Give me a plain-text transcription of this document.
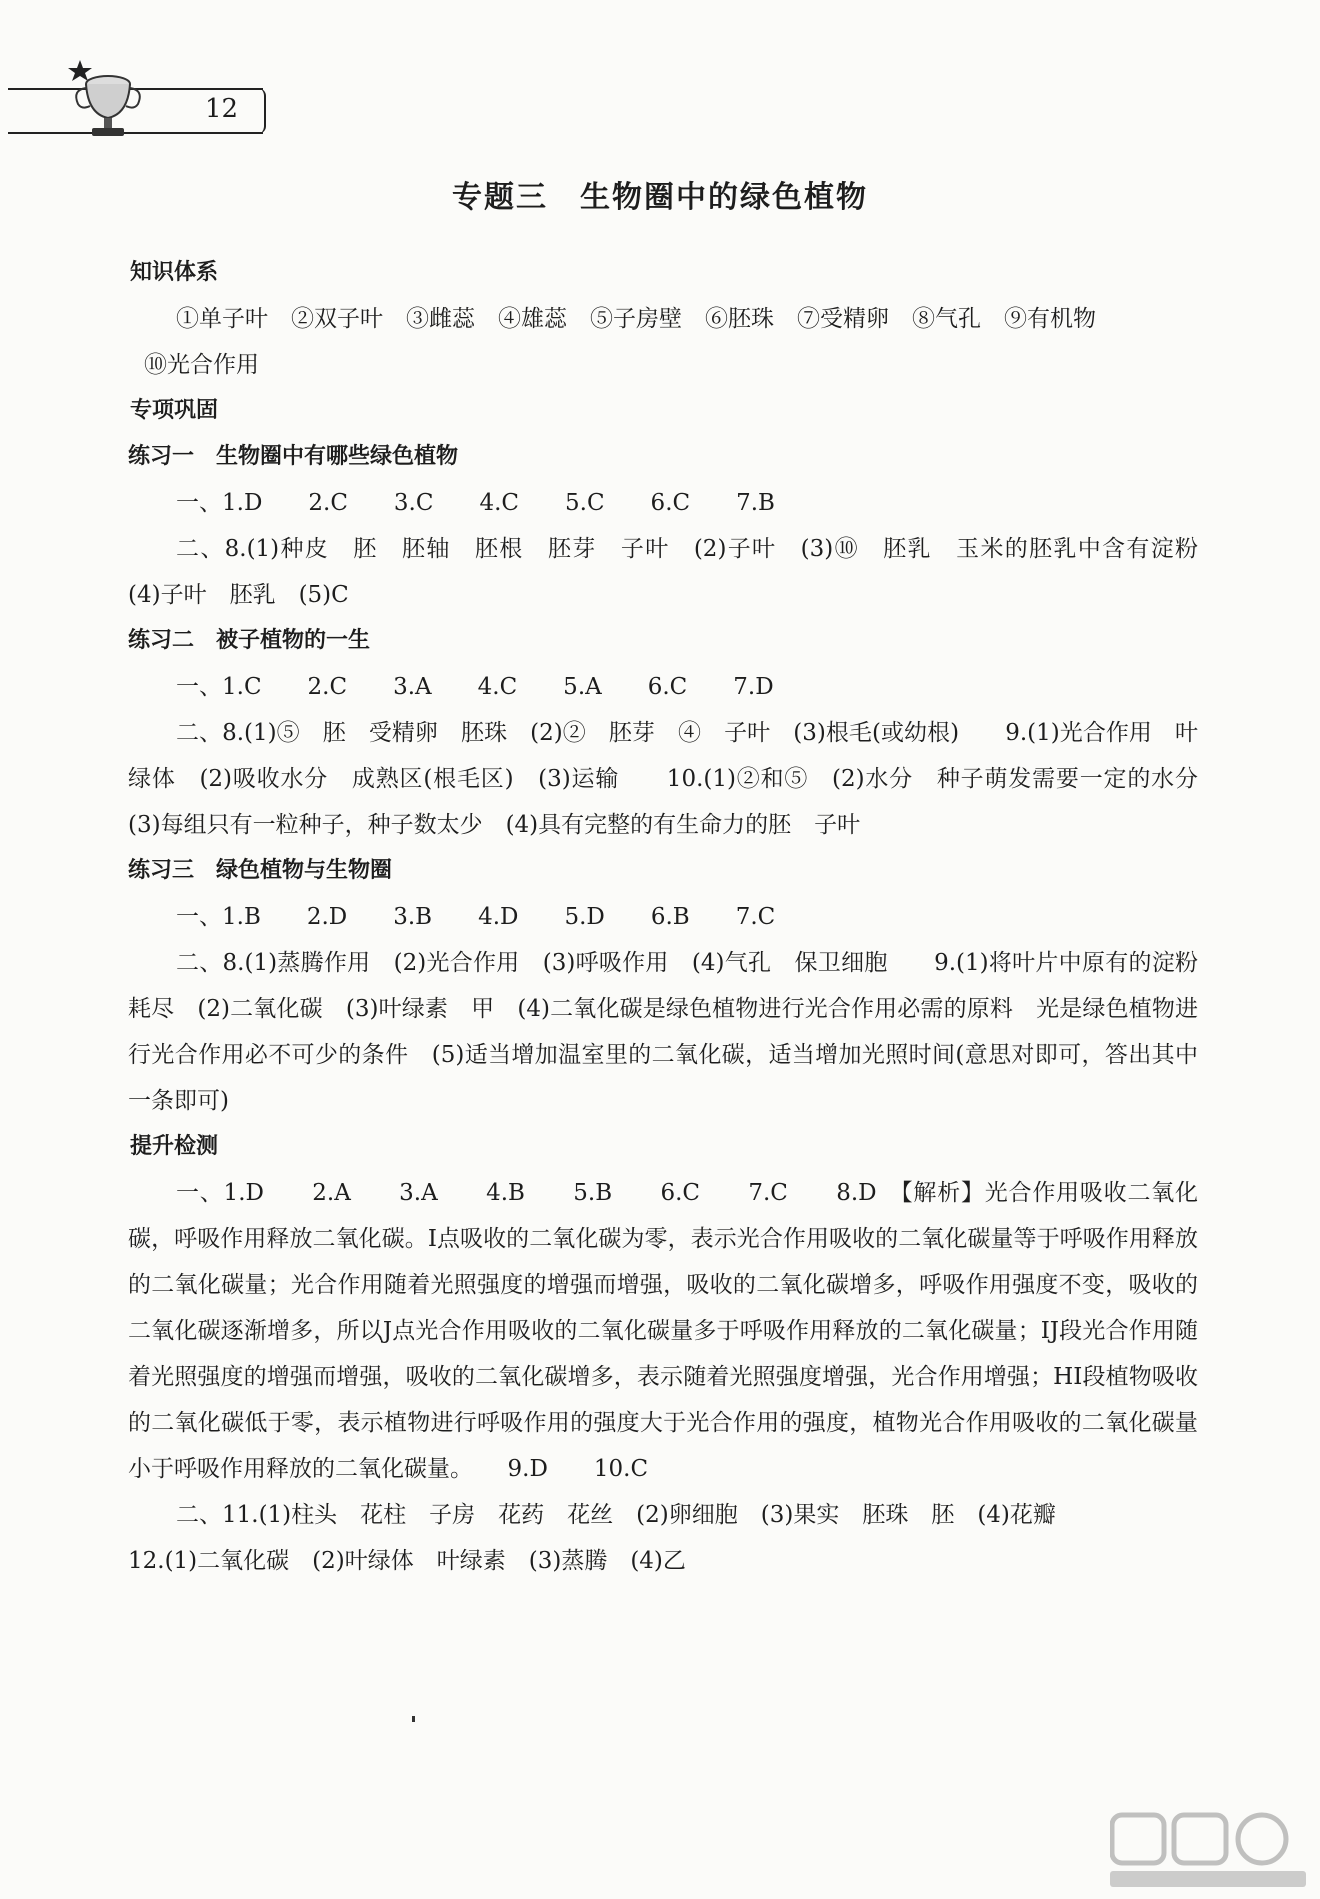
12
专题三　生物圈中的绿色植物
知识体系
①单子叶　②双子叶　③雌蕊　④雄蕊　⑤子房壁　⑥胚珠　⑦受精卵　⑧气孔　⑨有机物
⑩光合作用
专项巩固
练习一　生物圈中有哪些绿色植物
一、1.D　　2.C　　3.C　　4.C　　5.C　　6.C　　7.B
二、8.(1)种皮　胚　胚轴　胚根　胚芽　子叶　(2)子叶　(3)⑩　胚乳　玉米的胚乳中含有淀粉　(4)子叶　胚乳　(5)C
练习二　被子植物的一生
一、1.C　　2.C　　3.A　　4.C　　5.A　　6.C　　7.D
二、8.(1)⑤　胚　受精卵　胚珠　(2)②　胚芽　④　子叶　(3)根毛(或幼根)　　9.(1)光合作用　叶绿体　(2)吸收水分　成熟区(根毛区)　(3)运输　　10.(1)②和⑤　(2)水分　种子萌发需要一定的水分　(3)每组只有一粒种子，种子数太少　(4)具有完整的有生命力的胚　子叶
练习三　绿色植物与生物圈
一、1.B　　2.D　　3.B　　4.D　　5.D　　6.B　　7.C
二、8.(1)蒸腾作用　(2)光合作用　(3)呼吸作用　(4)气孔　保卫细胞　　9.(1)将叶片中原有的淀粉耗尽　(2)二氧化碳　(3)叶绿素　甲　(4)二氧化碳是绿色植物进行光合作用必需的原料　光是绿色植物进行光合作用必不可少的条件　(5)适当增加温室里的二氧化碳，适当增加光照时间(意思对即可，答出其中一条即可)
提升检测
一、1.D　　2.A　　3.A　　4.B　　5.B　　6.C　　7.C　　8.D　【解析】光合作用吸收二氧化碳，呼吸作用释放二氧化碳。I点吸收的二氧化碳为零，表示光合作用吸收的二氧化碳量等于呼吸作用释放的二氧化碳量；光合作用随着光照强度的增强而增强，吸收的二氧化碳增多，呼吸作用强度不变，吸收的二氧化碳逐渐增多，所以J点光合作用吸收的二氧化碳量多于呼吸作用释放的二氧化碳量；IJ段光合作用随着光照强度的增强而增强，吸收的二氧化碳增多，表示随着光照强度增强，光合作用增强；HI段植物吸收的二氧化碳低于零，表示植物进行呼吸作用的强度大于光合作用的强度，植物光合作用吸收的二氧化碳量小于呼吸作用释放的二氧化碳量。　　9.D　　10.C
二、11.(1)柱头　花柱　子房　花药　花丝　(2)卵细胞　(3)果实　胚珠　胚　(4)花瓣
12.(1)二氧化碳　(2)叶绿体　叶绿素　(3)蒸腾　(4)乙
